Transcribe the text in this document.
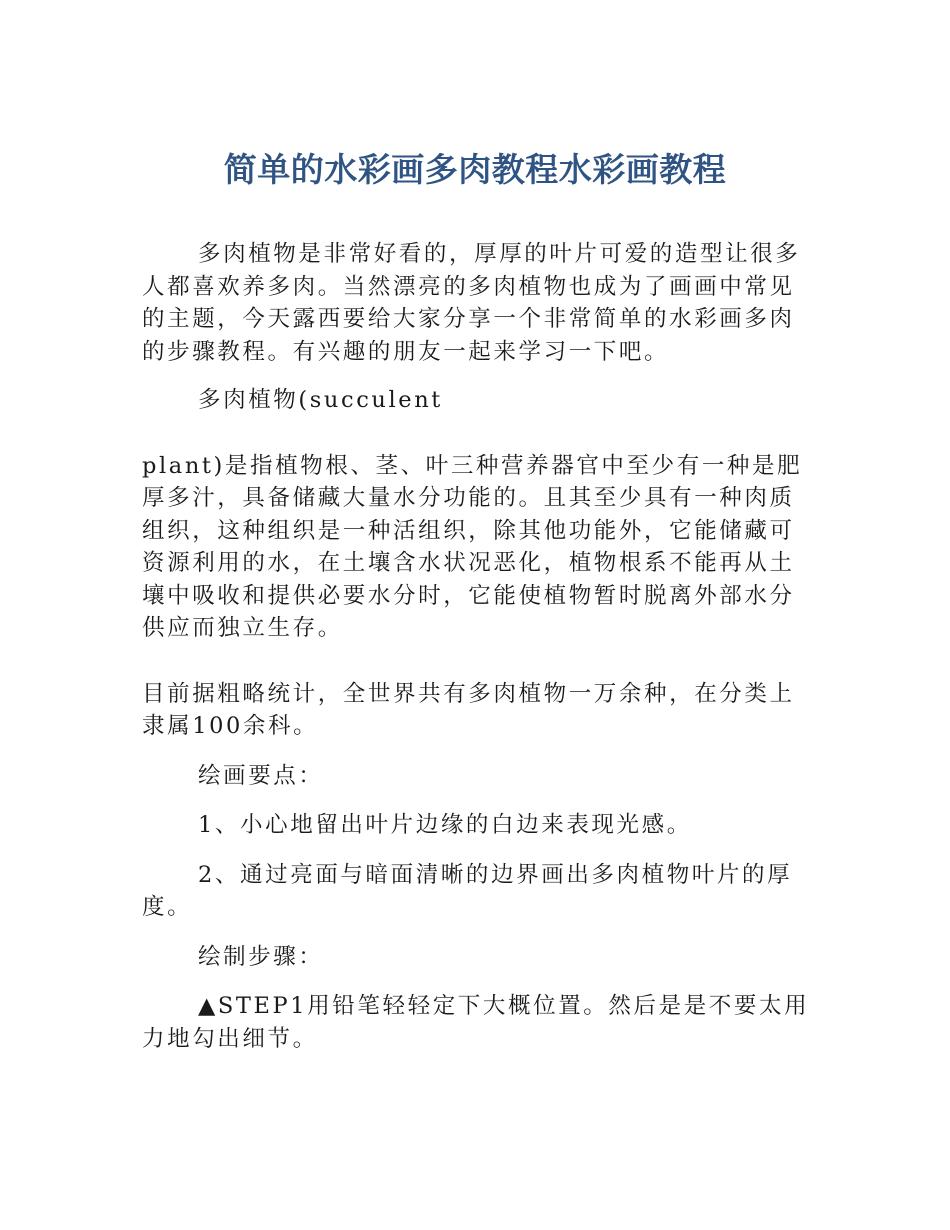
简单的水彩画多肉教程水彩画教程

多肉植物是非常好看的，厚厚的叶片可爱的造型让很多人都喜欢养多肉。当然漂亮的多肉植物也成为了画画中常见的主题，今天露西要给大家分享一个非常简单的水彩画多肉的步骤教程。有兴趣的朋友一起来学习一下吧。

多肉植物(succulent

plant)是指植物根、茎、叶三种营养器官中至少有一种是肥厚多汁，具备储藏大量水分功能的。且其至少具有一种肉质组织，这种组织是一种活组织，除其他功能外，它能储藏可资源利用的水，在土壤含水状况恶化，植物根系不能再从土壤中吸收和提供必要水分时，它能使植物暂时脱离外部水分供应而独立生存。

目前据粗略统计，全世界共有多肉植物一万余种，在分类上隶属100余科。

绘画要点：

1、小心地留出叶片边缘的白边来表现光感。

2、通过亮面与暗面清晰的边界画出多肉植物叶片的厚度。

绘制步骤：

▲STEP1用铅笔轻轻定下大概位置。然后是是不要太用力地勾出细节。
